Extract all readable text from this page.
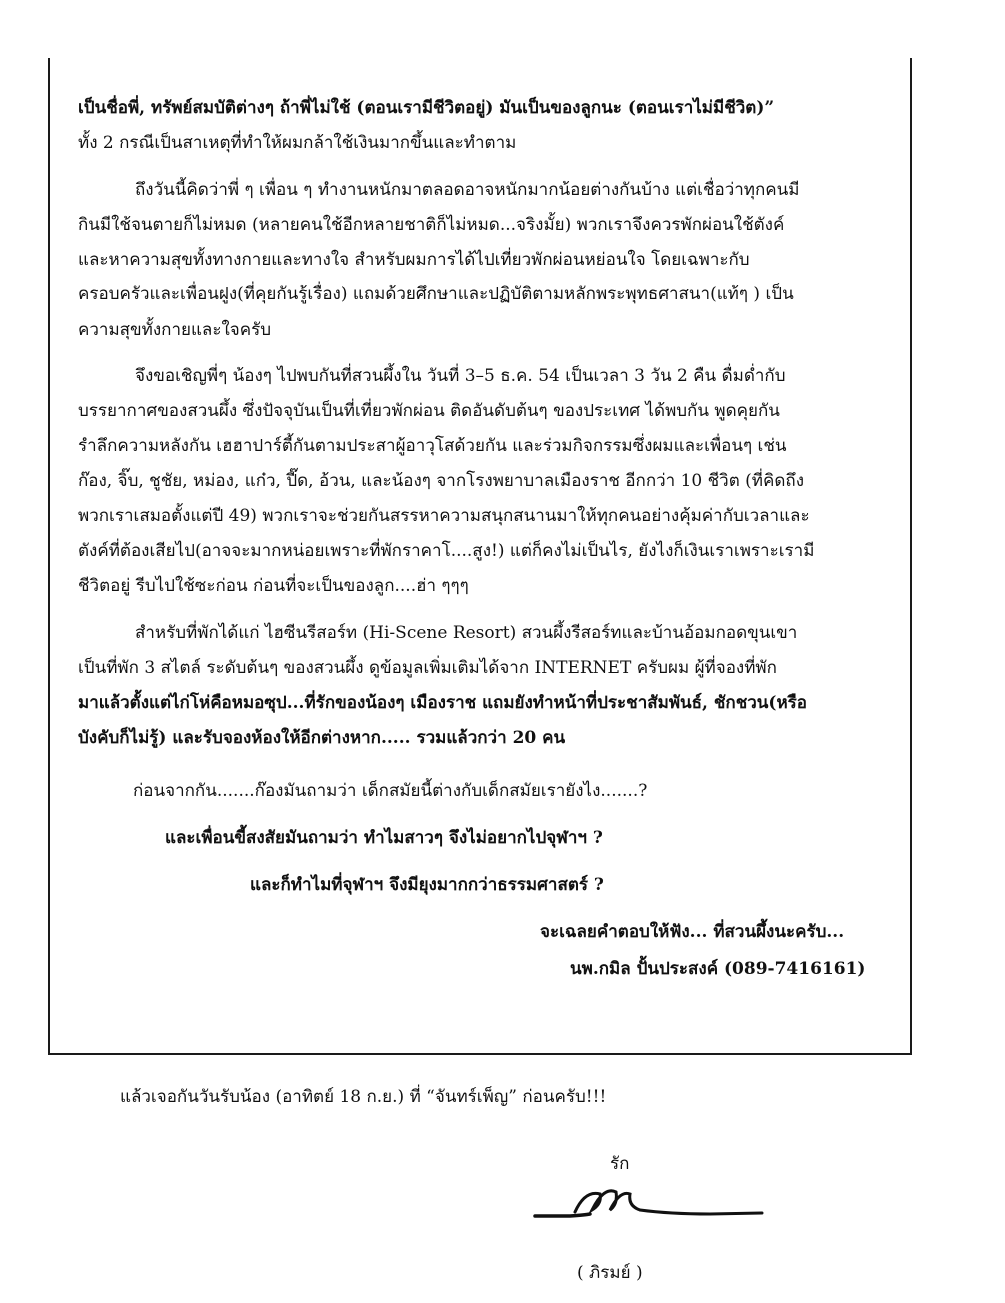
เป็นชื่อพี่, ทรัพย์สมบัติต่างๆ ถ้าพี่ไม่ใช้ (ตอนเรามีชีวิตอยู่) มันเป็นของลูกนะ (ตอนเราไม่มีชีวิต)”
ทั้ง 2 กรณีเป็นสาเหตุที่ทำให้ผมกล้าใช้เงินมากขึ้นและทำตาม
ถึงวันนี้คิดว่าพี่ ๆ เพื่อน ๆ ทำงานหนักมาตลอดอาจหนักมากน้อยต่างกันบ้าง แต่เชื่อว่าทุกคนมี
กินมีใช้จนตายก็ไม่หมด (หลายคนใช้อีกหลายชาติก็ไม่หมด...จริงมั้ย) พวกเราจึงควรพักผ่อนใช้ตังค์
และหาความสุขทั้งทางกายและทางใจ สำหรับผมการได้ไปเที่ยวพักผ่อนหย่อนใจ โดยเฉพาะกับ
ครอบครัวและเพื่อนฝูง(ที่คุยกันรู้เรื่อง) แถมด้วยศึกษาและปฏิบัติตามหลักพระพุทธศาสนา(แท้ๆ ) เป็น
ความสุขทั้งกายและใจครับ
จึงขอเชิญพี่ๆ น้องๆ ไปพบกันที่สวนผึ้งใน วันที่ 3–5 ธ.ค. 54 เป็นเวลา 3 วัน 2 คืน ดื่มด่ำกับ
บรรยากาศของสวนผึ้ง ซึ่งปัจจุบันเป็นที่เที่ยวพักผ่อน ติดอันดับต้นๆ ของประเทศ ได้พบกัน พูดคุยกัน
รำลึกความหลังกัน เฮฮาปาร์ตี้กันตามประสาผู้อาวุโสด้วยกัน และร่วมกิจกรรมซึ่งผมและเพื่อนๆ เช่น
ก๊อง, จิ๊บ, ชูชัย, หม่อง, แก๋ว, ปี๊ด, อ้วน, และน้องๆ จากโรงพยาบาลเมืองราช อีกกว่า 10 ชีวิต (ที่คิดถึง
พวกเราเสมอตั้งแต่ปี 49) พวกเราจะช่วยกันสรรหาความสนุกสนานมาให้ทุกคนอย่างคุ้มค่ากับเวลาและ
ตังค์ที่ต้องเสียไป(อาจจะมากหน่อยเพราะที่พักราคาโ....สูง!) แต่ก็คงไม่เป็นไร, ยังไงก็เงินเราเพราะเรามี
ชีวิตอยู่ รีบไปใช้ซะก่อน ก่อนที่จะเป็นของลูก....ฮ่า ๆๆๆ
สำหรับที่พักได้แก่ ไฮซีนรีสอร์ท (Hi-Scene Resort) สวนผึ้งรีสอร์ทและบ้านอ้อมกอดขุนเขา
เป็นที่พัก 3 สไตล์ ระดับต้นๆ ของสวนผึ้ง ดูข้อมูลเพิ่มเติมได้จาก INTERNET ครับผม ผู้ที่จองที่พัก
มาแล้วตั้งแต่ไก่โห่คือหมอซุป...ที่รักของน้องๆ เมืองราช แถมยังทำหน้าที่ประชาสัมพันธ์, ชักชวน(หรือ
บังคับก็ไม่รู้) และรับจองห้องให้อีกต่างหาก..... รวมแล้วกว่า 20 คน
ก่อนจากกัน.......ก๊องมันถามว่า เด็กสมัยนี้ต่างกับเด็กสมัยเรายังไง.......?
และเพื่อนขี้สงสัยมันถามว่า ทำไมสาวๆ จึงไม่อยากไปจุฬาฯ ?
และก็ทำไมที่จุฬาฯ จึงมียุงมากกว่าธรรมศาสตร์ ?
จะเฉลยคำตอบให้ฟัง... ที่สวนผึ้งนะครับ...
นพ.กมิล ปั้นประสงค์ (089-7416161)
แล้วเจอกันวันรับน้อง (อาทิตย์ 18 ก.ย.) ที่ “จันทร์เพ็ญ” ก่อนครับ!!!
รัก
( ภิรมย์ )
